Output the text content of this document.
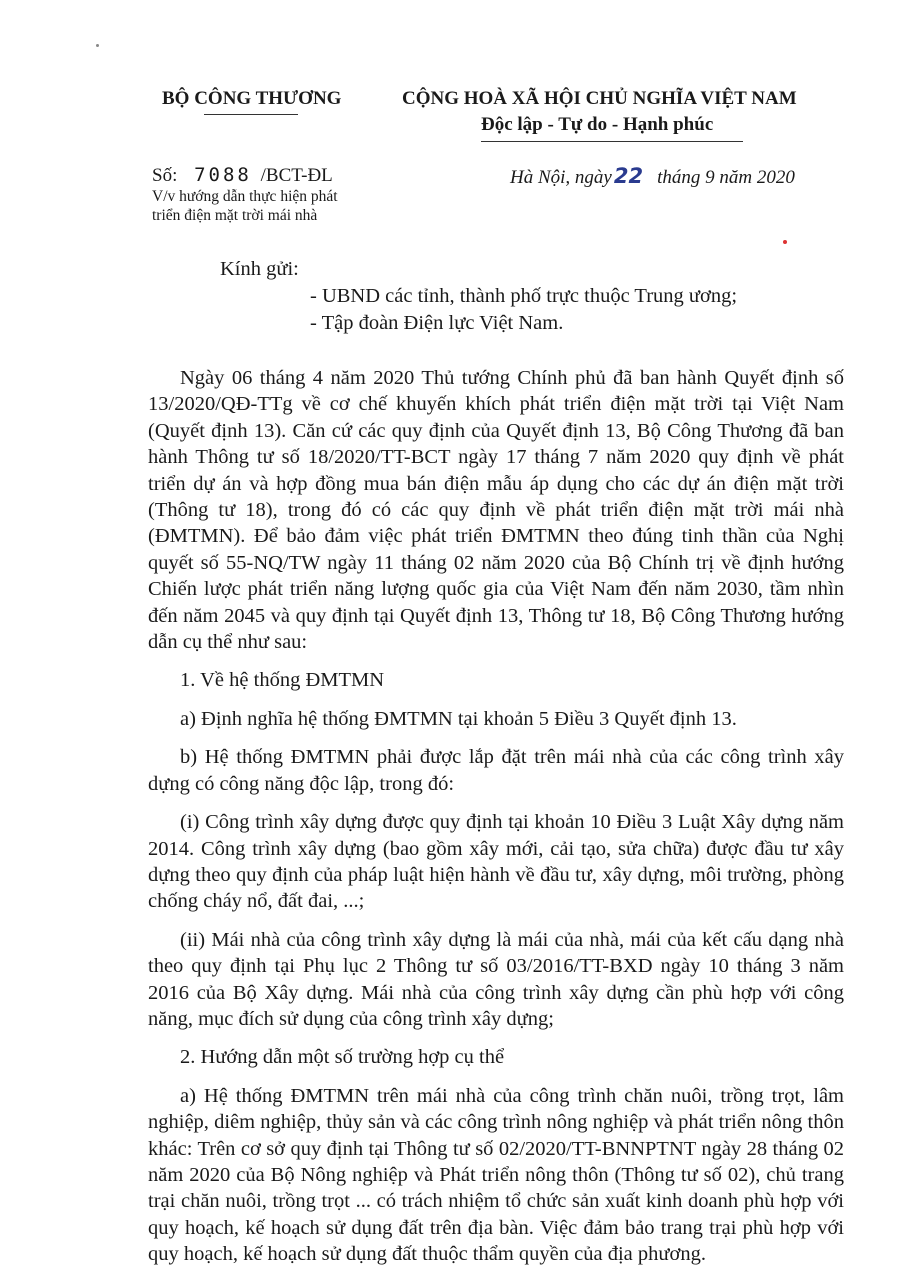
BỘ CÔNG THƯƠNG	CỘNG HOÀ XÃ HỘI CHỦ NGHĨA VIỆT NAM
Độc lập - Tự do - Hạnh phúc
Số: 7088 /BCT-ĐL
V/v hướng dẫn thực hiện phát
triển điện mặt trời mái nhà
Hà Nội, ngày22 tháng 9 năm 2020
Kính gửi:
- UBND các tỉnh, thành phố trực thuộc Trung ương;
- Tập đoàn Điện lực Việt Nam.

Ngày 06 tháng 4 năm 2020 Thủ tướng Chính phủ đã ban hành Quyết định số 13/2020/QĐ-TTg về cơ chế khuyến khích phát triển điện mặt trời tại Việt Nam (Quyết định 13). Căn cứ các quy định của Quyết định 13, Bộ Công Thương đã ban hành Thông tư số 18/2020/TT-BCT ngày 17 tháng 7 năm 2020 quy định về phát triển dự án và hợp đồng mua bán điện mẫu áp dụng cho các dự án điện mặt trời (Thông tư 18), trong đó có các quy định về phát triển điện mặt trời mái nhà (ĐMTMN). Để bảo đảm việc phát triển ĐMTMN theo đúng tinh thần của Nghị quyết số 55-NQ/TW ngày 11 tháng 02 năm 2020 của Bộ Chính trị về định hướng Chiến lược phát triển năng lượng quốc gia của Việt Nam đến năm 2030, tầm nhìn đến năm 2045 và quy định tại Quyết định 13, Thông tư 18, Bộ Công Thương hướng dẫn cụ thể như sau:

1. Về hệ thống ĐMTMN

a) Định nghĩa hệ thống ĐMTMN tại khoản 5 Điều 3 Quyết định 13.

b) Hệ thống ĐMTMN phải được lắp đặt trên mái nhà của các công trình xây dựng có công năng độc lập, trong đó:

(i) Công trình xây dựng được quy định tại khoản 10 Điều 3 Luật Xây dựng năm 2014. Công trình xây dựng (bao gồm xây mới, cải tạo, sửa chữa) được đầu tư xây dựng theo quy định của pháp luật hiện hành về đầu tư, xây dựng, môi trường, phòng chống cháy nổ, đất đai, ...;

(ii) Mái nhà của công trình xây dựng là mái của nhà, mái của kết cấu dạng nhà theo quy định tại Phụ lục 2 Thông tư số 03/2016/TT-BXD ngày 10 tháng 3 năm 2016 của Bộ Xây dựng. Mái nhà của công trình xây dựng cần phù hợp với công năng, mục đích sử dụng của công trình xây dựng;

2. Hướng dẫn một số trường hợp cụ thể

a) Hệ thống ĐMTMN trên mái nhà của công trình chăn nuôi, trồng trọt, lâm nghiệp, diêm nghiệp, thủy sản và các công trình nông nghiệp và phát triển nông thôn khác: Trên cơ sở quy định tại Thông tư số 02/2020/TT-BNNPTNT ngày 28 tháng 02 năm 2020 của Bộ Nông nghiệp và Phát triển nông thôn (Thông tư số 02), chủ trang trại chăn nuôi, trồng trọt ... có trách nhiệm tổ chức sản xuất kinh doanh phù hợp với quy hoạch, kế hoạch sử dụng đất trên địa bàn. Việc đảm bảo trang trại phù hợp với quy hoạch, kế hoạch sử dụng đất thuộc thẩm quyền của địa phương.
